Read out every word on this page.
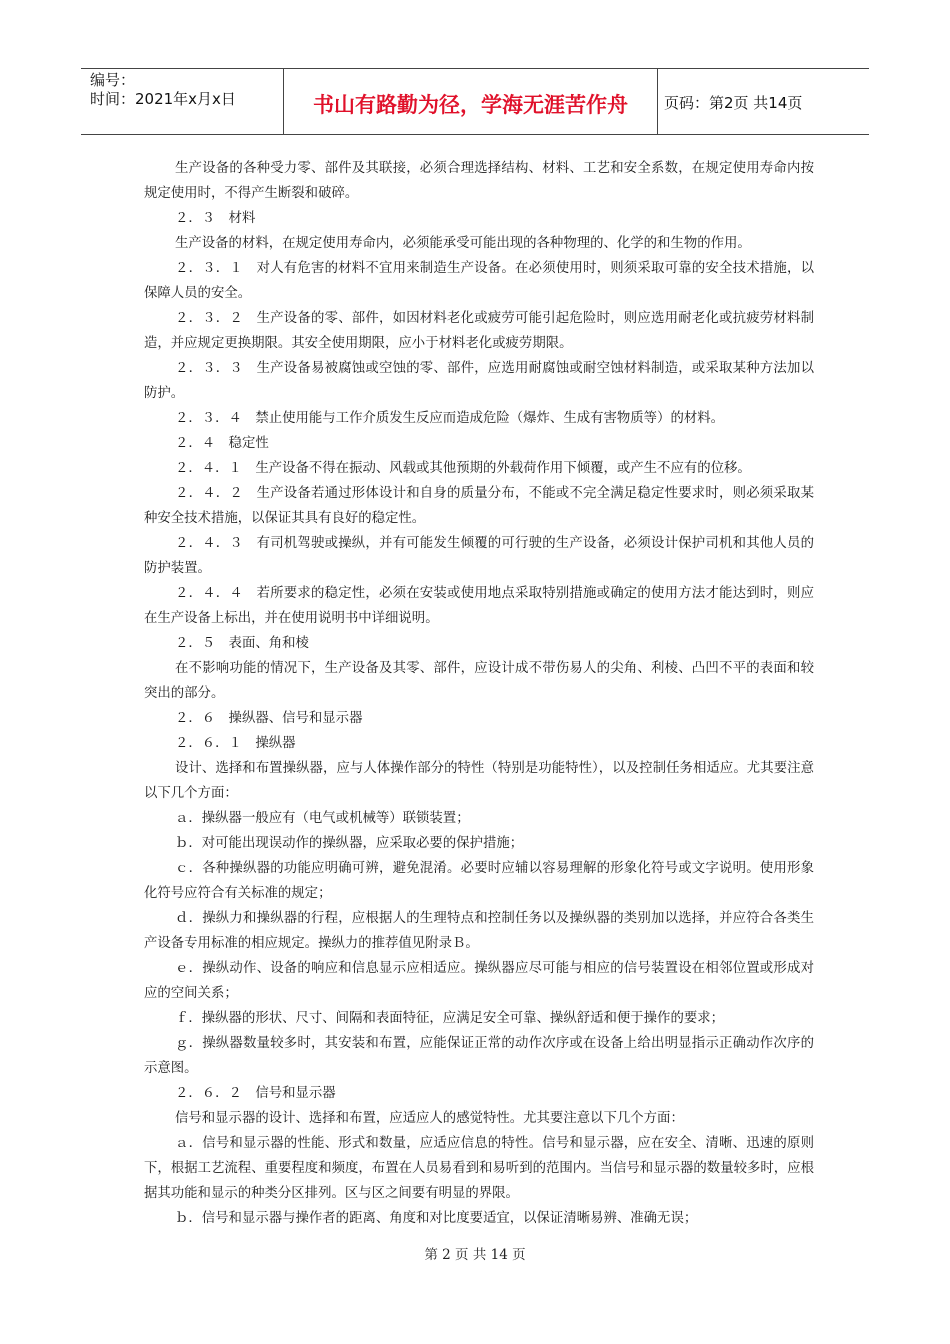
编号：
时间：2021年x月x日	书山有路勤为径，学海无涯苦作舟	页码：第2页 共14页

生产设备的各种受力零、部件及其联接，必须合理选择结构、材料、工艺和安全系数，在规定使用寿命内按规定使用时，不得产生断裂和破碎。

２．３　材料

生产设备的材料，在规定使用寿命内，必须能承受可能出现的各种物理的、化学的和生物的作用。

２．３．１　对人有危害的材料不宜用来制造生产设备。在必须使用时，则须采取可靠的安全技术措施，以保障人员的安全。

２．３．２　生产设备的零、部件，如因材料老化或疲劳可能引起危险时，则应选用耐老化或抗疲劳材料制造，并应规定更换期限。其安全使用期限，应小于材料老化或疲劳期限。

２．３．３　生产设备易被腐蚀或空蚀的零、部件，应选用耐腐蚀或耐空蚀材料制造，或采取某种方法加以防护。

２．３．４　禁止使用能与工作介质发生反应而造成危险（爆炸、生成有害物质等）的材料。

２．４　稳定性

２．４．１　生产设备不得在振动、风载或其他预期的外载荷作用下倾覆，或产生不应有的位移。

２．４．２　生产设备若通过形体设计和自身的质量分布，不能或不完全满足稳定性要求时，则必须采取某种安全技术措施，以保证其具有良好的稳定性。

２．４．３　有司机驾驶或操纵，并有可能发生倾覆的可行驶的生产设备，必须设计保护司机和其他人员的防护装置。

２．４．４　若所要求的稳定性，必须在安装或使用地点采取特别措施或确定的使用方法才能达到时，则应在生产设备上标出，并在使用说明书中详细说明。

２．５　表面、角和棱

在不影响功能的情况下，生产设备及其零、部件，应设计成不带伤易人的尖角、利棱、凸凹不平的表面和较突出的部分。

２．６　操纵器、信号和显示器

２．６．１　操纵器

设计、选择和布置操纵器，应与人体操作部分的特性（特别是功能特性），以及控制任务相适应。尤其要注意以下几个方面：

ａ．操纵器一般应有（电气或机械等）联锁装置；

ｂ．对可能出现误动作的操纵器，应采取必要的保护措施；

ｃ．各种操纵器的功能应明确可辨，避免混淆。必要时应辅以容易理解的形象化符号或文字说明。使用形象化符号应符合有关标准的规定；

ｄ．操纵力和操纵器的行程，应根据人的生理特点和控制任务以及操纵器的类别加以选择，并应符合各类生产设备专用标准的相应规定。操纵力的推荐值见附录Ｂ。

ｅ．操纵动作、设备的响应和信息显示应相适应。操纵器应尽可能与相应的信号装置设在相邻位置或形成对应的空间关系；

ｆ．操纵器的形状、尺寸、间隔和表面特征，应满足安全可靠、操纵舒适和便于操作的要求；

ｇ．操纵器数量较多时，其安装和布置，应能保证正常的动作次序或在设备上给出明显指示正确动作次序的示意图。

２．６．２　信号和显示器

信号和显示器的设计、选择和布置，应适应人的感觉特性。尤其要注意以下几个方面：

ａ．信号和显示器的性能、形式和数量，应适应信息的特性。信号和显示器，应在安全、清晰、迅速的原则下，根据工艺流程、重要程度和频度，布置在人员易看到和易听到的范围内。当信号和显示器的数量较多时，应根据其功能和显示的种类分区排列。区与区之间要有明显的界限。

ｂ．信号和显示器与操作者的距离、角度和对比度要适宜，以保证清晰易辨、准确无误；

第 2 页 共 14 页
